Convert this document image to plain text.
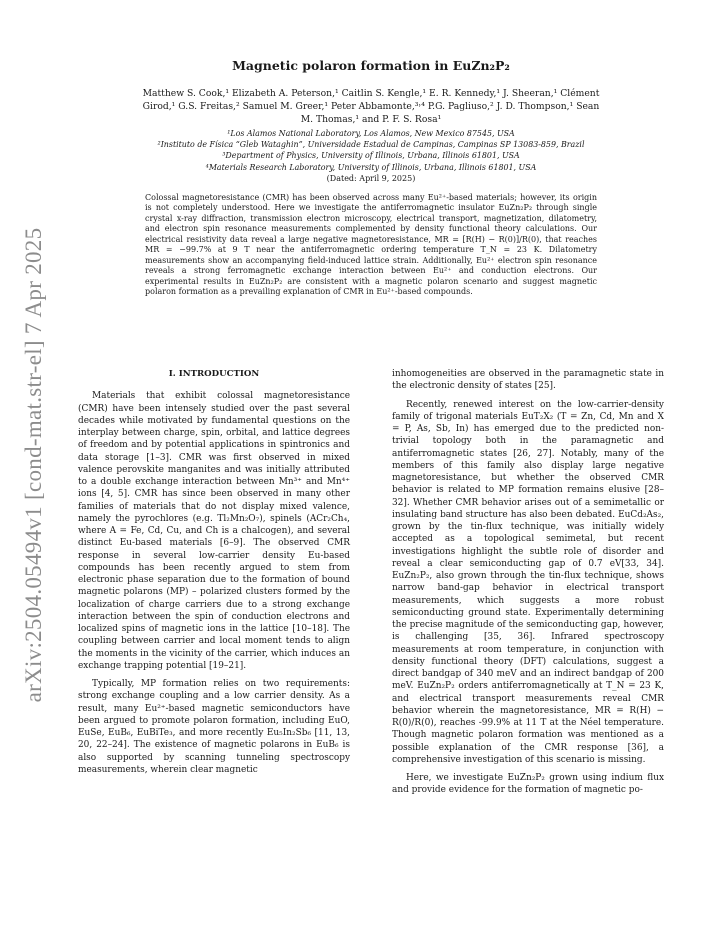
arXiv:2504.05494v1 [cond-mat.str-el] 7 Apr 2025
Magnetic polaron formation in EuZn₂P₂
Matthew S. Cook,¹ Elizabeth A. Peterson,¹ Caitlin S. Kengle,¹ E. R. Kennedy,¹ J. Sheeran,¹ Clément Girod,¹ G.S. Freitas,² Samuel M. Greer,¹ Peter Abbamonte,³˒⁴ P.G. Pagliuso,² J. D. Thompson,¹ Sean M. Thomas,¹ and P. F. S. Rosa¹
¹Los Alamos National Laboratory, Los Alamos, New Mexico 87545, USA
²Instituto de Física “Gleb Wataghin”, Universidade Estadual de Campinas, Campinas SP 13083-859, Brazil
³Department of Physics, University of Illinois, Urbana, Illinois 61801, USA
⁴Materials Research Laboratory, University of Illinois, Urbana, Illinois 61801, USA
(Dated: April 9, 2025)
Colossal magnetoresistance (CMR) has been observed across many Eu²⁺-based materials; however, its origin is not completely understood. Here we investigate the antiferromagnetic insulator EuZn₂P₂ through single crystal x-ray diffraction, transmission electron microscopy, electrical transport, magnetization, dilatometry, and electron spin resonance measurements complemented by density functional theory calculations. Our electrical resistivity data reveal a large negative magnetoresistance, MR = [R(H) − R(0)]/R(0), that reaches MR = −99.7% at 9 T near the antiferromagnetic ordering temperature T_N = 23 K. Dilatometry measurements show an accompanying field-induced lattice strain. Additionally, Eu²⁺ electron spin resonance reveals a strong ferromagnetic exchange interaction between Eu²⁺ and conduction electrons. Our experimental results in EuZn₂P₂ are consistent with a magnetic polaron scenario and suggest magnetic polaron formation as a prevailing explanation of CMR in Eu²⁺-based compounds.
I. INTRODUCTION

Materials that exhibit colossal magnetoresistance (CMR) have been intensely studied over the past several decades while motivated by fundamental questions on the interplay between charge, spin, orbital, and lattice degrees of freedom and by potential applications in spintronics and data storage [1–3]. CMR was first observed in mixed valence perovskite manganites and was initially attributed to a double exchange interaction between Mn³⁺ and Mn⁴⁺ ions [4, 5]. CMR has since been observed in many other families of materials that do not display mixed valence, namely the pyrochlores (e.g. Tl₂Mn₂O₇), spinels (ACr₂Ch₄, where A = Fe, Cd, Cu, and Ch is a chalcogen), and several distinct Eu-based materials [6–9]. The observed CMR response in several low-carrier density Eu-based compounds has been recently argued to stem from electronic phase separation due to the formation of bound magnetic polarons (MP) – polarized clusters formed by the localization of charge carriers due to a strong exchange interaction between the spin of conduction electrons and localized spins of magnetic ions in the lattice [10–18]. The coupling between carrier and local moment tends to align the moments in the vicinity of the carrier, which induces an exchange trapping potential [19–21].

Typically, MP formation relies on two requirements: strong exchange coupling and a low carrier density. As a result, many Eu²⁺-based magnetic semiconductors have been argued to promote polaron formation, including EuO, EuSe, EuB₆, EuBiTe₃, and more recently Eu₅In₂Sb₆ [11, 13, 20, 22–24]. The existence of magnetic polarons in EuB₆ is also supported by scanning tunneling spectroscopy measurements, wherein clear magnetic

inhomogeneities are observed in the paramagnetic state in the electronic density of states [25].

Recently, renewed interest on the low-carrier-density family of trigonal materials EuT₂X₂ (T = Zn, Cd, Mn and X = P, As, Sb, In) has emerged due to the predicted non-trivial topology both in the paramagnetic and antiferromagnetic states [26, 27]. Notably, many of the members of this family also display large negative magnetoresistance, but whether the observed CMR behavior is related to MP formation remains elusive [28–32]. Whether CMR behavior arises out of a semimetallic or insulating band structure has also been debated. EuCd₂As₂, grown by the tin-flux technique, was initially widely accepted as a topological semimetal, but recent investigations highlight the subtle role of disorder and reveal a clear semiconducting gap of 0.7 eV[33, 34]. EuZn₂P₂, also grown through the tin-flux technique, shows narrow band-gap behavior in electrical transport measurements, which suggests a more robust semiconducting ground state. Experimentally determining the precise magnitude of the semiconducting gap, however, is challenging [35, 36]. Infrared spectroscopy measurements at room temperature, in conjunction with density functional theory (DFT) calculations, suggest a direct bandgap of 340 meV and an indirect bandgap of 200 meV. EuZn₂P₂ orders antiferromagnetically at T_N = 23 K, and electrical transport measurements reveal CMR behavior wherein the magnetoresistance, MR = R(H) − R(0)/R(0), reaches -99.9% at 11 T at the Néel temperature. Though magnetic polaron formation was mentioned as a possible explanation of the CMR response [36], a comprehensive investigation of this scenario is missing.

Here, we investigate EuZn₂P₂ grown using indium flux and provide evidence for the formation of magnetic po-
